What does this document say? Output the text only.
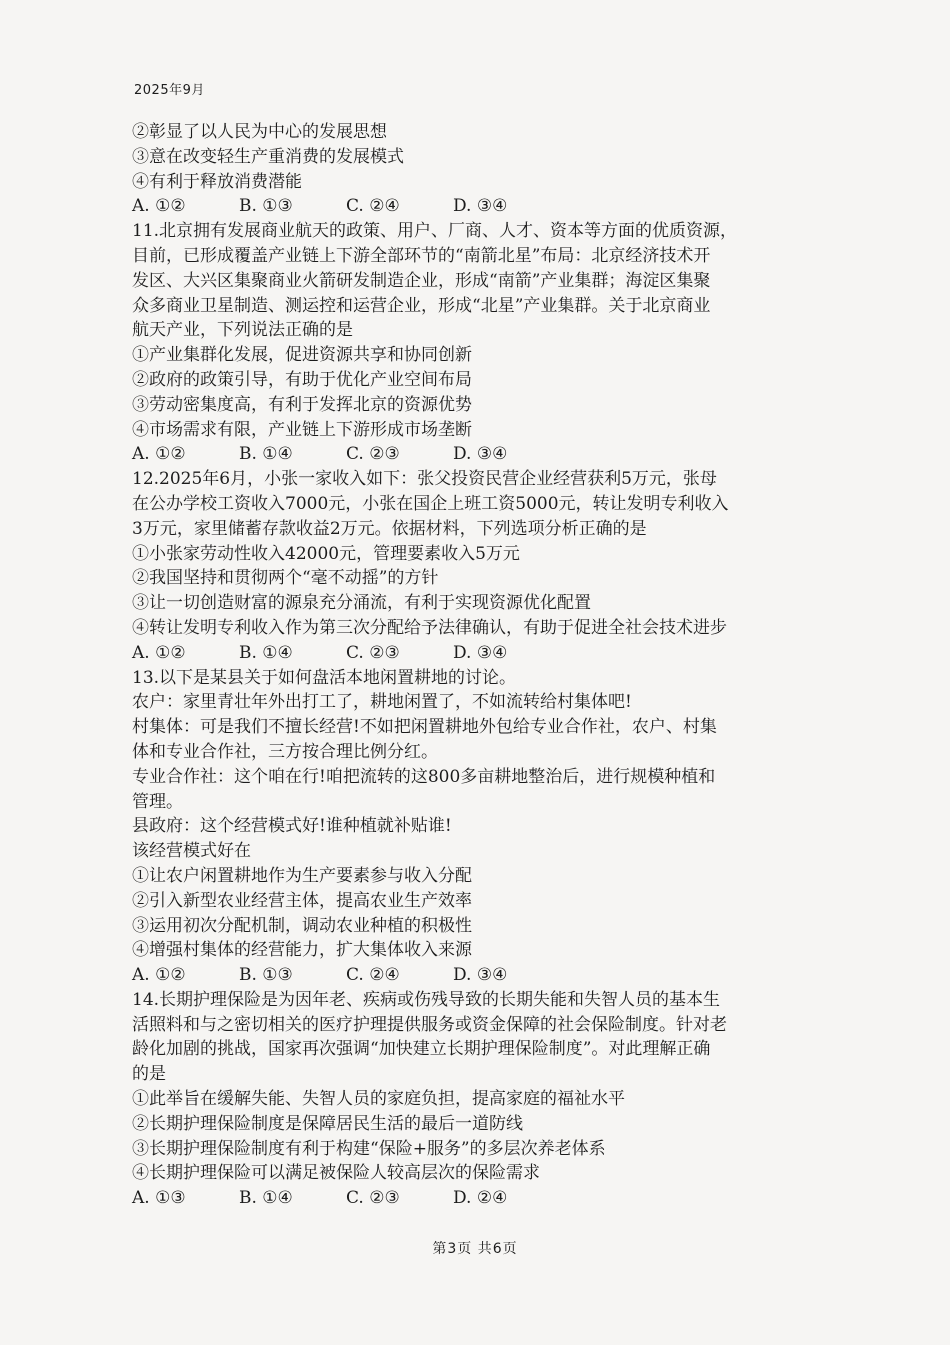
2025年9月
②彰显了以人民为中心的发展思想
③意在改变轻生产重消费的发展模式
④有利于释放消费潜能
A. ①②	B. ①③	C. ②④	D. ③④
11.北京拥有发展商业航天的政策、用户、厂商、人才、资本等方面的优质资源，
目前，已形成覆盖产业链上下游全部环节的“南箭北星”布局：北京经济技术开
发区、大兴区集聚商业火箭研发制造企业，形成“南箭”产业集群；海淀区集聚
众多商业卫星制造、测运控和运营企业，形成“北星”产业集群。关于北京商业
航天产业，下列说法正确的是
①产业集群化发展，促进资源共享和协同创新
②政府的政策引导，有助于优化产业空间布局
③劳动密集度高，有利于发挥北京的资源优势
④市场需求有限，产业链上下游形成市场垄断
A. ①②	B. ①④	C. ②③	D. ③④
12.2025年6月，小张一家收入如下：张父投资民营企业经营获利5万元，张母
在公办学校工资收入7000元，小张在国企上班工资5000元，转让发明专利收入
3万元，家里储蓄存款收益2万元。依据材料，下列选项分析正确的是
①小张家劳动性收入42000元，管理要素收入5万元
②我国坚持和贯彻两个“毫不动摇”的方针
③让一切创造财富的源泉充分涌流，有利于实现资源优化配置
④转让发明专利收入作为第三次分配给予法律确认，有助于促进全社会技术进步
A. ①②	B. ①④	C. ②③	D. ③④
13.以下是某县关于如何盘活本地闲置耕地的讨论。
农户：家里青壮年外出打工了，耕地闲置了，不如流转给村集体吧!
村集体：可是我们不擅长经营!不如把闲置耕地外包给专业合作社，农户、村集
体和专业合作社，三方按合理比例分红。
专业合作社：这个咱在行!咱把流转的这800多亩耕地整治后，进行规模种植和
管理。
县政府：这个经营模式好!谁种植就补贴谁!
该经营模式好在
①让农户闲置耕地作为生产要素参与收入分配
②引入新型农业经营主体，提高农业生产效率
③运用初次分配机制，调动农业种植的积极性
④增强村集体的经营能力，扩大集体收入来源
A. ①②	B. ①③	C. ②④	D. ③④
14.长期护理保险是为因年老、疾病或伤残导致的长期失能和失智人员的基本生
活照料和与之密切相关的医疗护理提供服务或资金保障的社会保险制度。针对老
龄化加剧的挑战，国家再次强调“加快建立长期护理保险制度”。对此理解正确
的是
①此举旨在缓解失能、失智人员的家庭负担，提高家庭的福祉水平
②长期护理保险制度是保障居民生活的最后一道防线
③长期护理保险制度有利于构建“保险+服务”的多层次养老体系
④长期护理保险可以满足被保险人较高层次的保险需求
A. ①③	B. ①④	C. ②③	D. ②④
第3页 共6页
